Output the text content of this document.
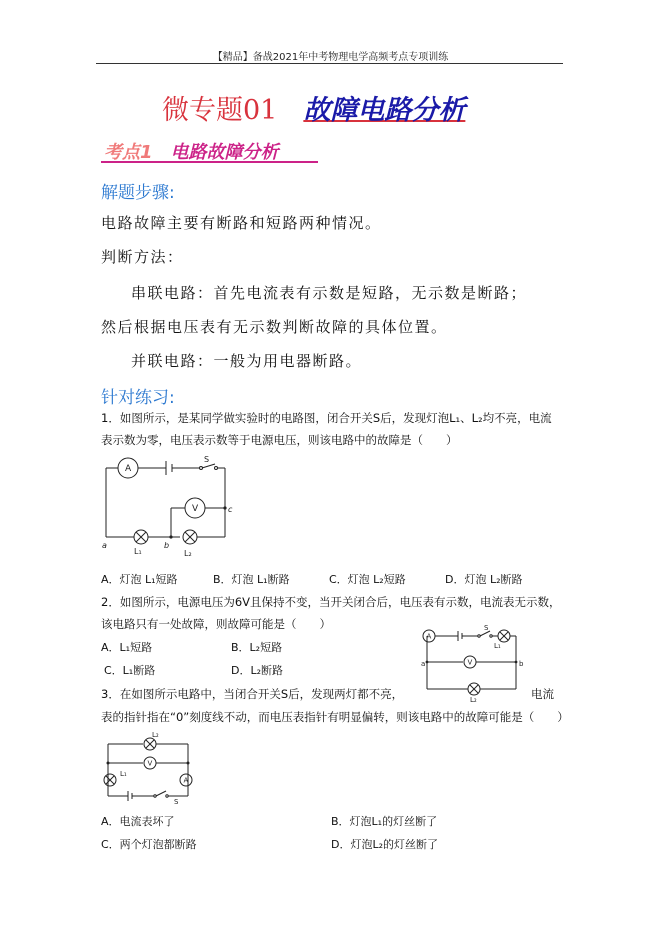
【精品】备战2021年中考物理电学高频考点专项训练
微专题01 故障电路分析
考点1 电路故障分析
解题步骤:
电路故障主要有断路和短路两种情况。
判断方法：
串联电路：首先电流表有示数是短路，无示数是断路；
然后根据电压表有无示数判断故障的具体位置。
并联电路：一般为用电器断路。
针对练习:
1．如图所示，是某同学做实验时的电路图，闭合开关S后，发现灯泡L₁、L₂均不亮，电流
表示数为零，电压表示数等于电源电压，则该电路中的故障是（　　）
A
V
S
a	b
c
L₁	L₂
A．灯泡 L₁短路	B．灯泡 L₁断路	C．灯泡 L₂短路	D．灯泡 L₂断路
2．如图所示，电源电压为6V且保持不变，当开关闭合后，电压表有示数，电流表无示数，
该电路只有一处故障，则故障可能是（　　）
A．L₁短路	B．L₂短路
C．L₁断路	D．L₂断路
A
V
S
L₁
L₂
a	b
3．在如图所示电路中，当闭合开关S后，发现两灯都不亮，	电流
表的指针指在“0”刻度线不动，而电压表指针有明显偏转，则该电路中的故障可能是（　　）
L₂
V
L₁
A
S
A．电流表坏了	B．灯泡L₁的灯丝断了
C．两个灯泡都断路	D．灯泡L₂的灯丝断了
